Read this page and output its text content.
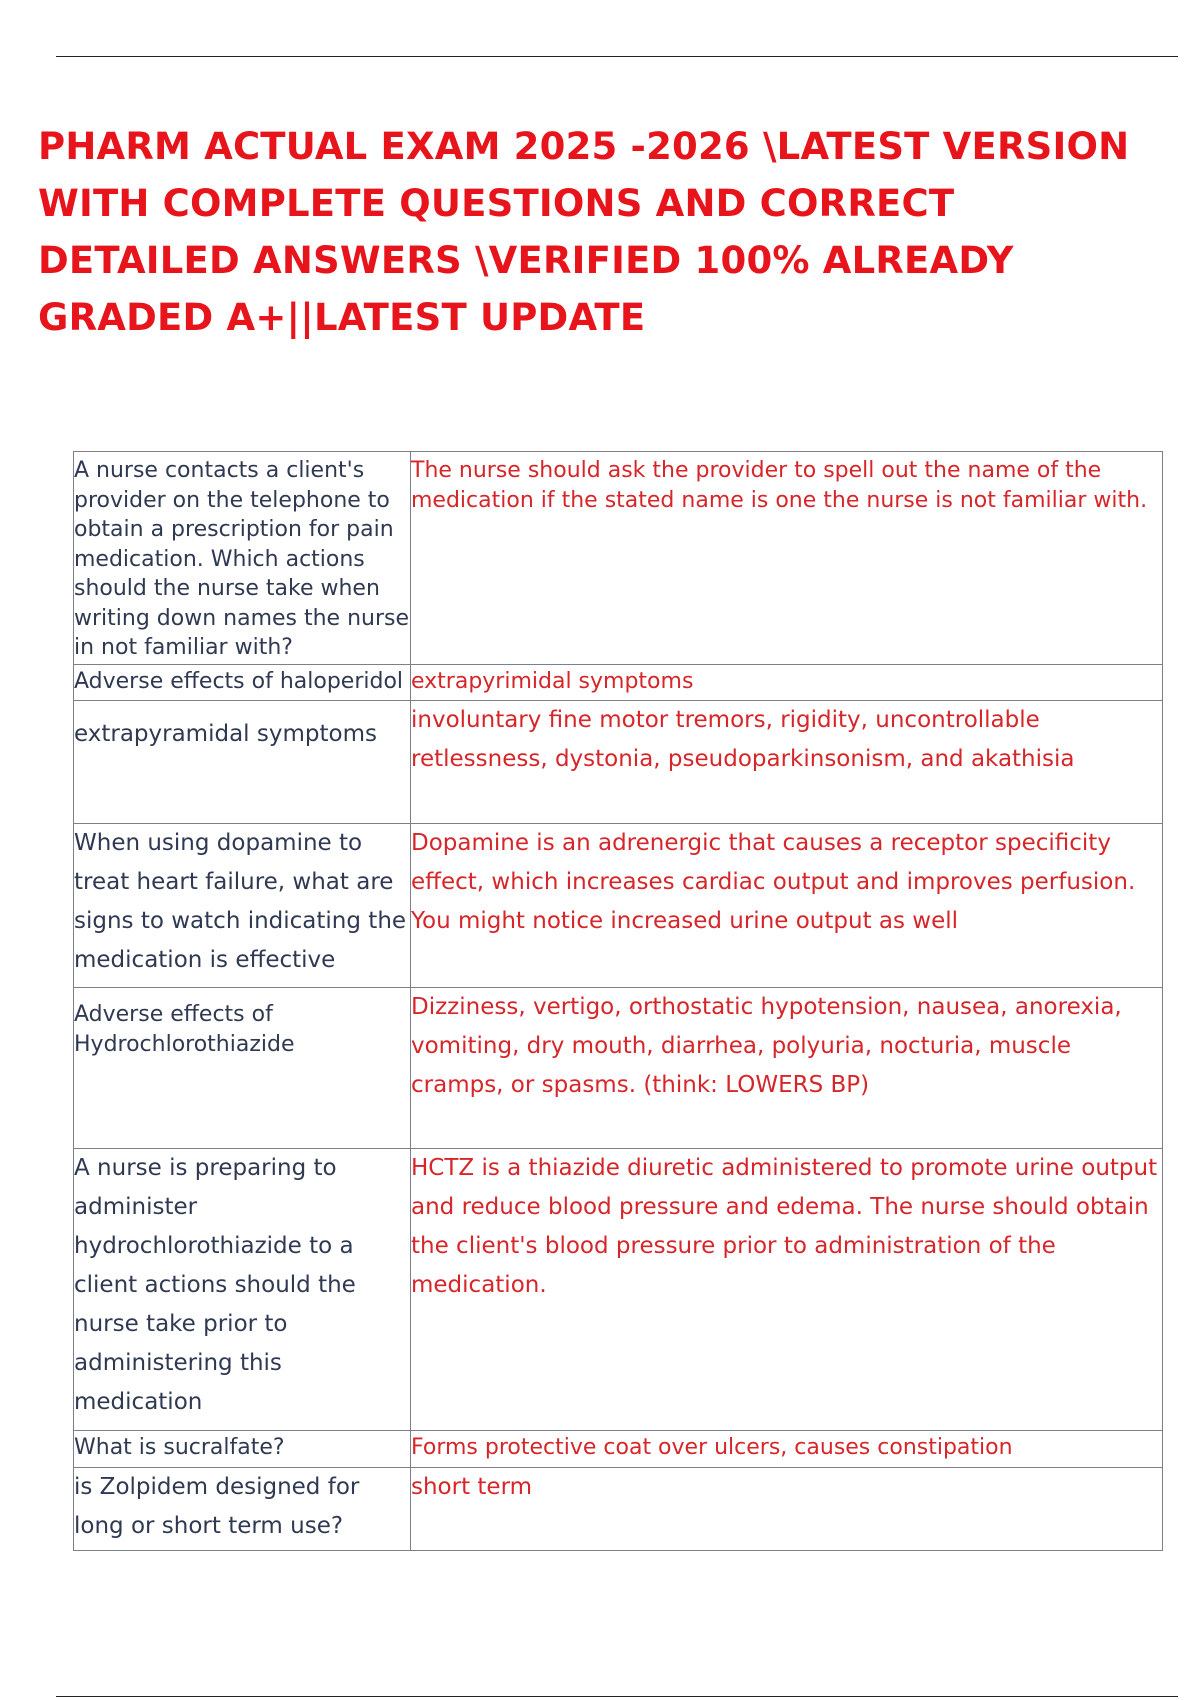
PHARM ACTUAL EXAM 2025 -2026 \LATEST VERSION WITH COMPLETE QUESTIONS AND CORRECT DETAILED ANSWERS \VERIFIED 100% ALREADY GRADED A+||LATEST UPDATE
A nurse contacts a client's provider on the telephone to obtain a prescription for pain medication. Which actions should the nurse take when writing down names the nurse in not familiar with?	The nurse should ask the provider to spell out the name of the medication if the stated name is one the nurse is not familiar with.
Adverse effects of haloperidol	extrapyrimidal symptoms
extrapyramidal symptoms	involuntary fine motor tremors, rigidity, uncontrollable retlessness, dystonia, pseudoparkinsonism, and akathisia
When using dopamine to treat heart failure, what are signs to watch indicating the medication is effective	Dopamine is an adrenergic that causes a receptor specificity effect, which increases cardiac output and improves perfusion. You might notice increased urine output as well
Adverse effects of Hydrochlorothiazide	Dizziness, vertigo, orthostatic hypotension, nausea, anorexia, vomiting, dry mouth, diarrhea, polyuria, nocturia, muscle cramps, or spasms. (think: LOWERS BP)
A nurse is preparing to administer hydrochlorothiazide to a client actions should the nurse take prior to administering this medication	HCTZ is a thiazide diuretic administered to promote urine output and reduce blood pressure and edema. The nurse should obtain the client's blood pressure prior to administration of the medication.
What is sucralfate?	Forms protective coat over ulcers, causes constipation
is Zolpidem designed for long or short term use?	short term
